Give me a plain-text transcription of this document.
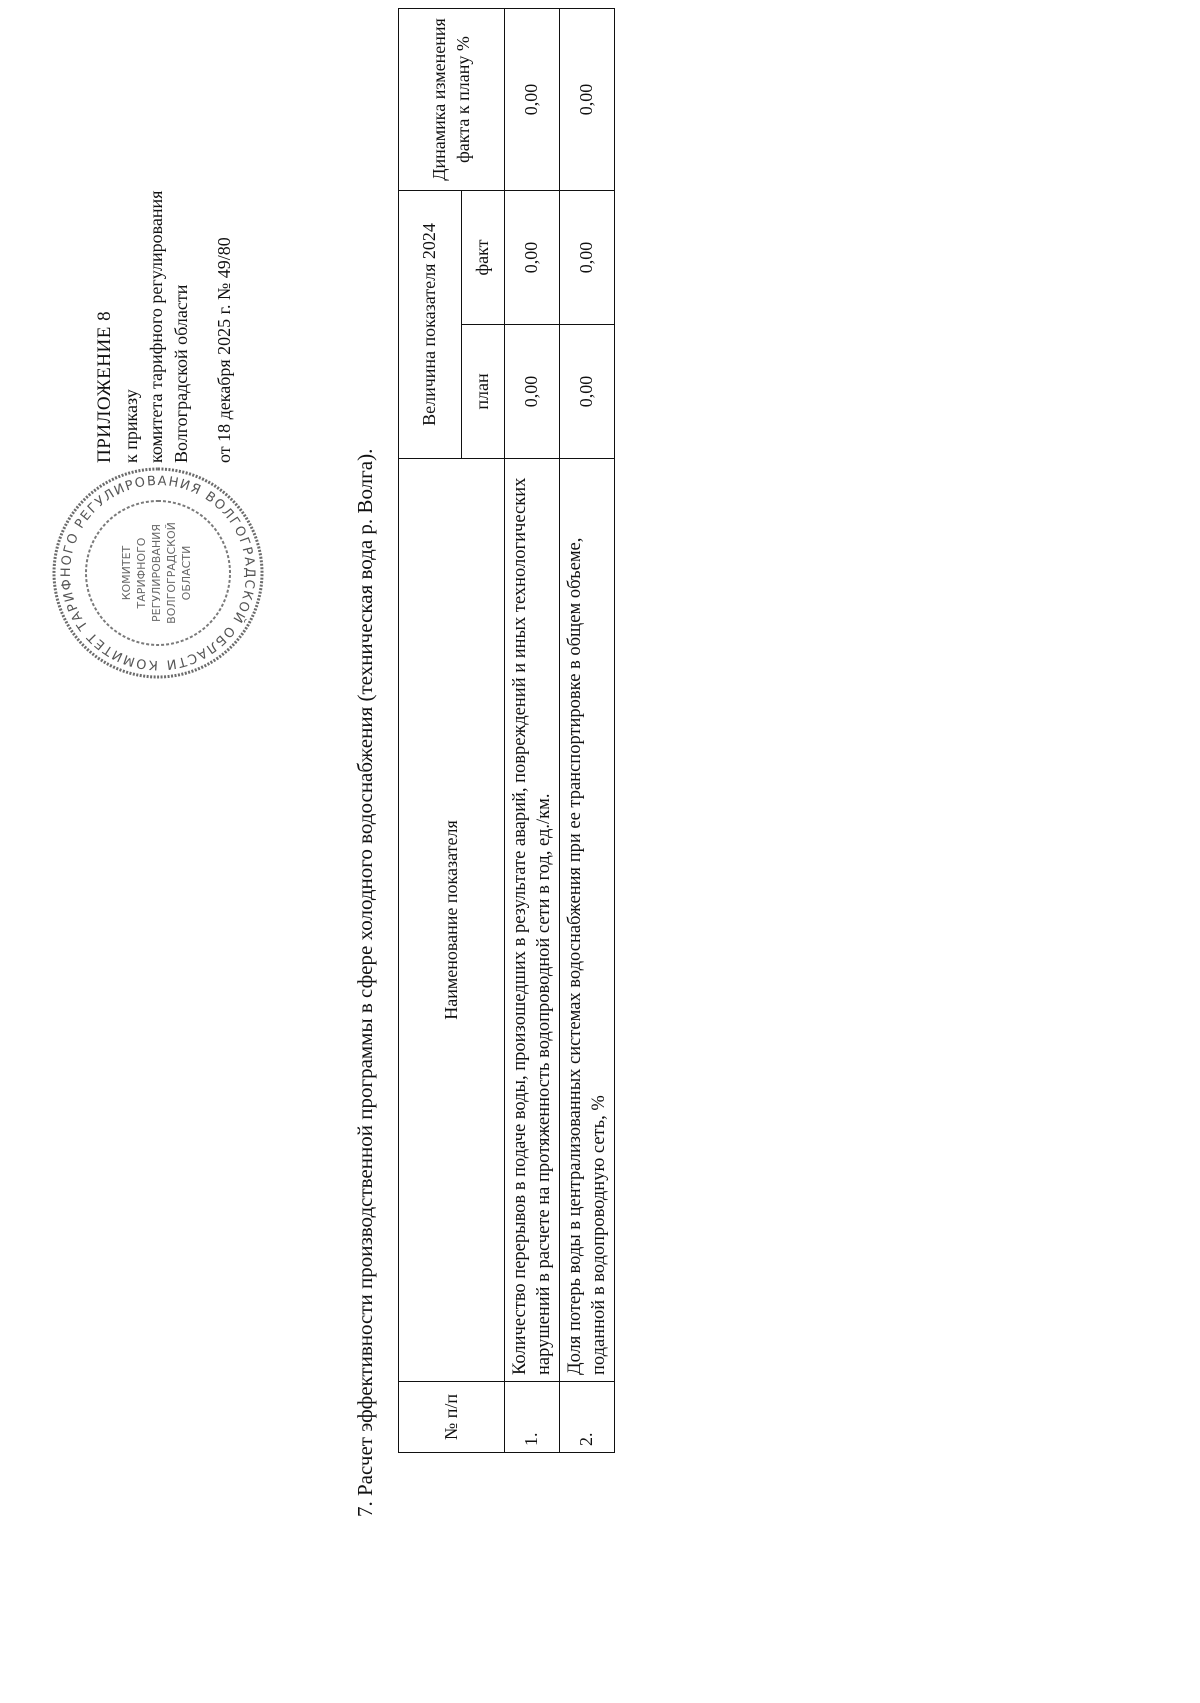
КОМИТЕТ ТАРИФНОГО РЕГУЛИРОВАНИЯ ВОЛГОГРАДСКОЙ ОБЛАСТИ
КОМИТЕТ ТАРИФНОГО РЕГУЛИРОВАНИЯ ВОЛГОГРАДСКОЙ ОБЛАСТИ
ПРИЛОЖЕНИЕ 8 к приказу комитета тарифного регулирования Волгоградской области от 18 декабря 2025 г. № 49/80
7. Расчет эффективности производственной программы в сфере холодного водоснабжения (техническая вода р. Волга).	№ п/п	Наименование показателя	Величина показателя 2024		Динамика изменения факта к плану %
		план	факт	
1.	Количество перерывов в подаче воды, произошедших в результате аварий, повреждений и иных технологических нарушений в расчете на протяженность водопроводной сети в год, ед./км.	0,00	0,00	0,00
2.	Доля потерь воды в централизованных системах водоснабжения при ее транспортировке в общем объеме, поданной в водопроводную сеть, %	0,00	0,00	0,00
